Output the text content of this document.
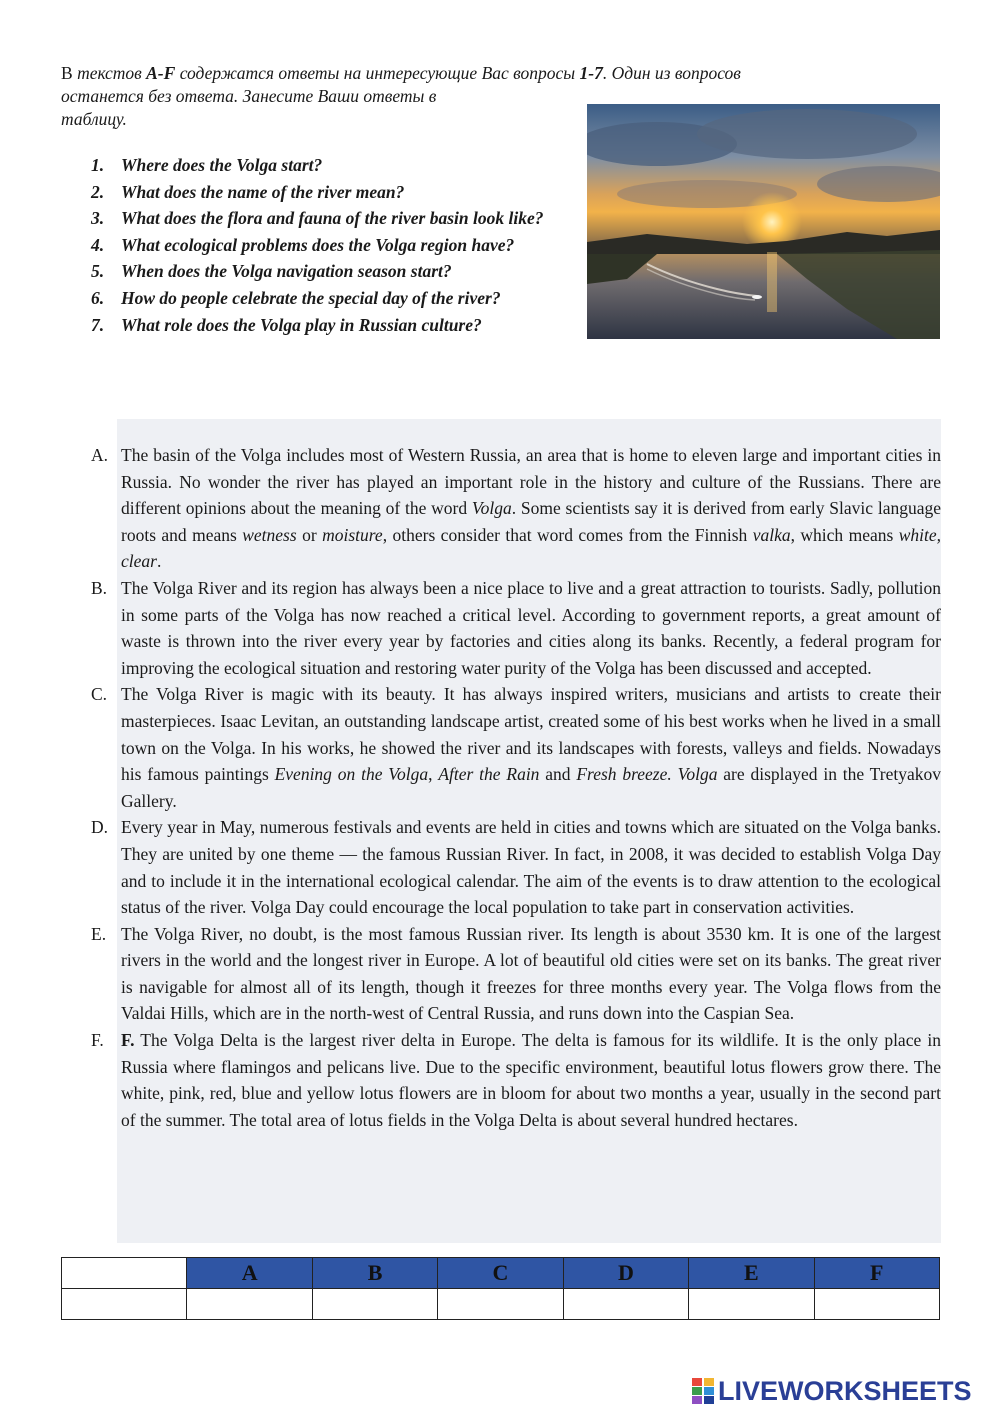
В текстов A-F содержатся ответы на интересующие Вас вопросы 1-7. Один из вопросов
останется без ответа. Занесите Ваши ответы в
таблицу.
1. Where does the Volga start?
2. What does the name of the river mean?
3. What does the flora and fauna of the river basin look like?
4. What ecological problems does the Volga region have?
5. When does the Volga navigation season start?
6. How do people celebrate the special day of the river?
7. What role does the Volga play in Russian culture?
A. The basin of the Volga includes most of Western Russia, an area that is home to eleven large and important cities in Russia. No wonder the river has played an important role in the history and culture of the Russians. There are different opinions about the meaning of the word Volga. Some scientists say it is derived from early Slavic language roots and means wetness or moisture, others consider that word comes from the Finnish valka, which means white, clear.
B. The Volga River and its region has always been a nice place to live and a great attraction to tourists. Sadly, pollution in some parts of the Volga has now reached a critical level. According to government reports, a great amount of waste is thrown into the river every year by factories and cities along its banks. Recently, a federal program for improving the ecological situation and restoring water purity of the Volga has been discussed and accepted.
C. The Volga River is magic with its beauty. It has always inspired writers, musicians and artists to create their masterpieces. Isaac Levitan, an outstanding landscape artist, created some of his best works when he lived in a small town on the Volga. In his works, he showed the river and its landscapes with forests, valleys and fields. Nowadays his famous paintings Evening on the Volga, After the Rain and Fresh breeze. Volga are displayed in the Tretyakov Gallery.
D. Every year in May, numerous festivals and events are held in cities and towns which are situated on the Volga banks. They are united by one theme — the famous Russian River. In fact, in 2008, it was decided to establish Volga Day and to include it in the international ecological calendar. The aim of the events is to draw attention to the ecological status of the river. Volga Day could encourage the local population to take part in conservation activities.
E. The Volga River, no doubt, is the most famous Russian river. Its length is about 3530 km. It is one of the largest rivers in the world and the longest river in Europe. A lot of beautiful old cities were set on its banks. The great river is navigable for almost all of its length, though it freezes for three months every year. The Volga flows from the Valdai Hills, which are in the north-west of Central Russia, and runs down into the Caspian Sea.
F. F. The Volga Delta is the largest river delta in Europe. The delta is famous for its wildlife. It is the only place in Russia where flamingos and pelicans live. Due to the specific environment, beautiful lotus flowers grow there. The white, pink, red, blue and yellow lotus flowers are in bloom for about two months a year, usually in the second part of the summer. The total area of lotus fields in the Volga Delta is about several hundred hectares.
	A	B	C	D	E	F

LIVEWORKSHEETS
